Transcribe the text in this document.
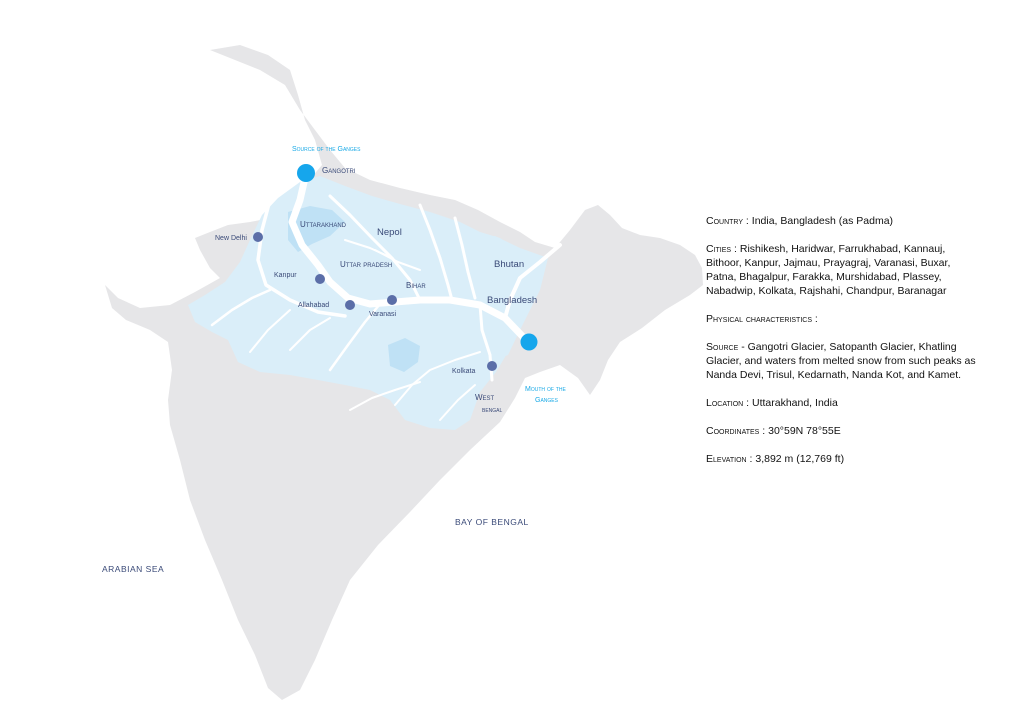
Source of the Ganges
Gangotri
Uttarakhand
Nepol
New Delhi
Uttar pradesh	Bhutan
Kanpur
Bihar
Bangladesh
Allahabad
Varanasi
Kolkata
Mouth of the
Ganges
West
bengal
BAY OF BENGAL
ARABIAN SEA

Country : India, Bangladesh (as Padma)

Cities : Rishikesh, Haridwar, Farrukhabad, Kannauj, Bithoor, Kanpur, Jajmau, Prayagraj, Varanasi, Buxar, Patna, Bhagalpur, Farakka, Murshidabad, Plassey, Nabadwip, Kolkata, Rajshahi, Chandpur, Baranagar

Physical characteristics :

Source - Gangotri Glacier, Satopanth Glacier, Khatling Glacier, and waters from melted snow from such peaks as Nanda Devi, Trisul, Kedarnath, Nanda Kot, and Kamet.

Location : Uttarakhand, India

Coordinates : 30°59N 78°55E

Elevation : 3,892 m (12,769 ft)
